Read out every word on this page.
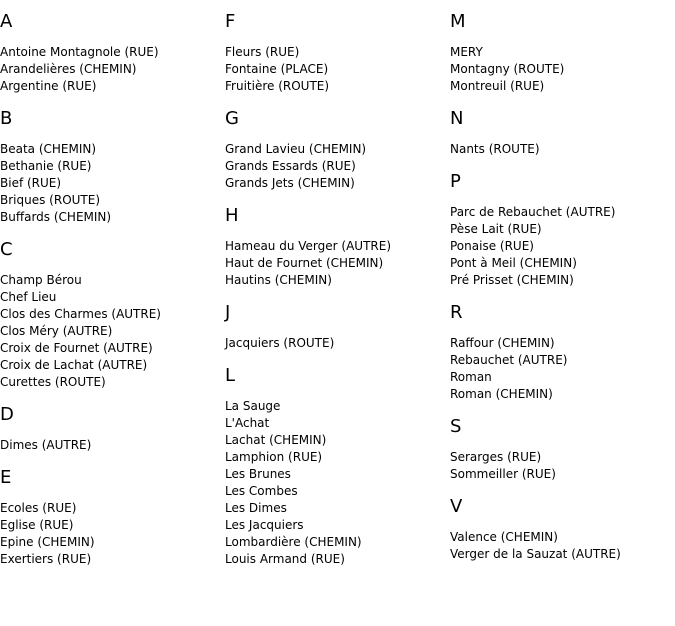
A
Antoine Montagnole (RUE)
Arandelières (CHEMIN)
Argentine (RUE)
B
Beata (CHEMIN)
Bethanie (RUE)
Bief (RUE)
Briques (ROUTE)
Buffards (CHEMIN)
C
Champ Bérou
Chef Lieu
Clos des Charmes (AUTRE)
Clos Méry (AUTRE)
Croix de Fournet (AUTRE)
Croix de Lachat (AUTRE)
Curettes (ROUTE)
D
Dimes (AUTRE)
E
Ecoles (RUE)
Eglise (RUE)
Epine (CHEMIN)
Exertiers (RUE)
F
Fleurs (RUE)
Fontaine (PLACE)
Fruitière (ROUTE)
G
Grand Lavieu (CHEMIN)
Grands Essards (RUE)
Grands Jets (CHEMIN)
H
Hameau du Verger (AUTRE)
Haut de Fournet (CHEMIN)
Hautins (CHEMIN)
J
Jacquiers (ROUTE)
L
La Sauge
L'Achat
Lachat (CHEMIN)
Lamphion (RUE)
Les Brunes
Les Combes
Les Dimes
Les Jacquiers
Lombardière (CHEMIN)
Louis Armand (RUE)
M
MERY
Montagny (ROUTE)
Montreuil (RUE)
N
Nants (ROUTE)
P
Parc de Rebauchet (AUTRE)
Pèse Lait (RUE)
Ponaise (RUE)
Pont à Meil (CHEMIN)
Pré Prisset (CHEMIN)
R
Raffour (CHEMIN)
Rebauchet (AUTRE)
Roman
Roman (CHEMIN)
S
Serarges (RUE)
Sommeiller (RUE)
V
Valence (CHEMIN)
Verger de la Sauzat (AUTRE)
